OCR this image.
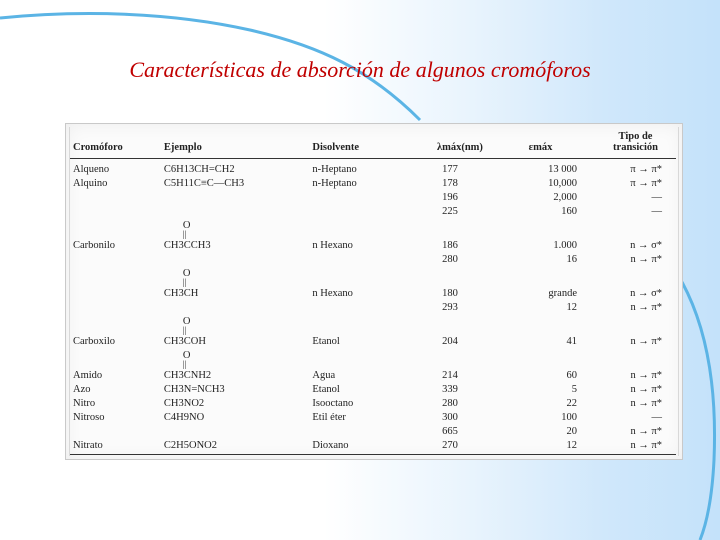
Características de absorción de algunos cromóforos
Cromóforo	Ejemplo	Disolvente	λmáx(nm)	εmáx	Tipo de transición
Alqueno	C6H13CH=CH2	n-Heptano	177	13 000	π → π*
Alquino	C5H11C≡C—CH3	n-Heptano	178	10,000	π → π*
			196	2,000	—
			225	160	—

	O
||				

Carbonilo	CH3CCH3	n Hexano	186	1.000	n → σ*
			280	16	n → π*

	O
||				

	CH3CH	n Hexano	180	grande	n → σ*
			293	12	n → π*

	O
||				

Carboxilo	CH3COH	Etanol	204	41	n → π*

	O
||				

Amido	CH3CNH2	Agua	214	60	n → π*
Azo	CH3N=NCH3	Etanol	339	5	n → π*
Nitro	CH3NO2	Isooctano	280	22	n → π*
Nitroso	C4H9NO	Etil éter	300	100	—
			665	20	n → π*
Nitrato	C2H5ONO2	Dioxano	270	12	n → π*
